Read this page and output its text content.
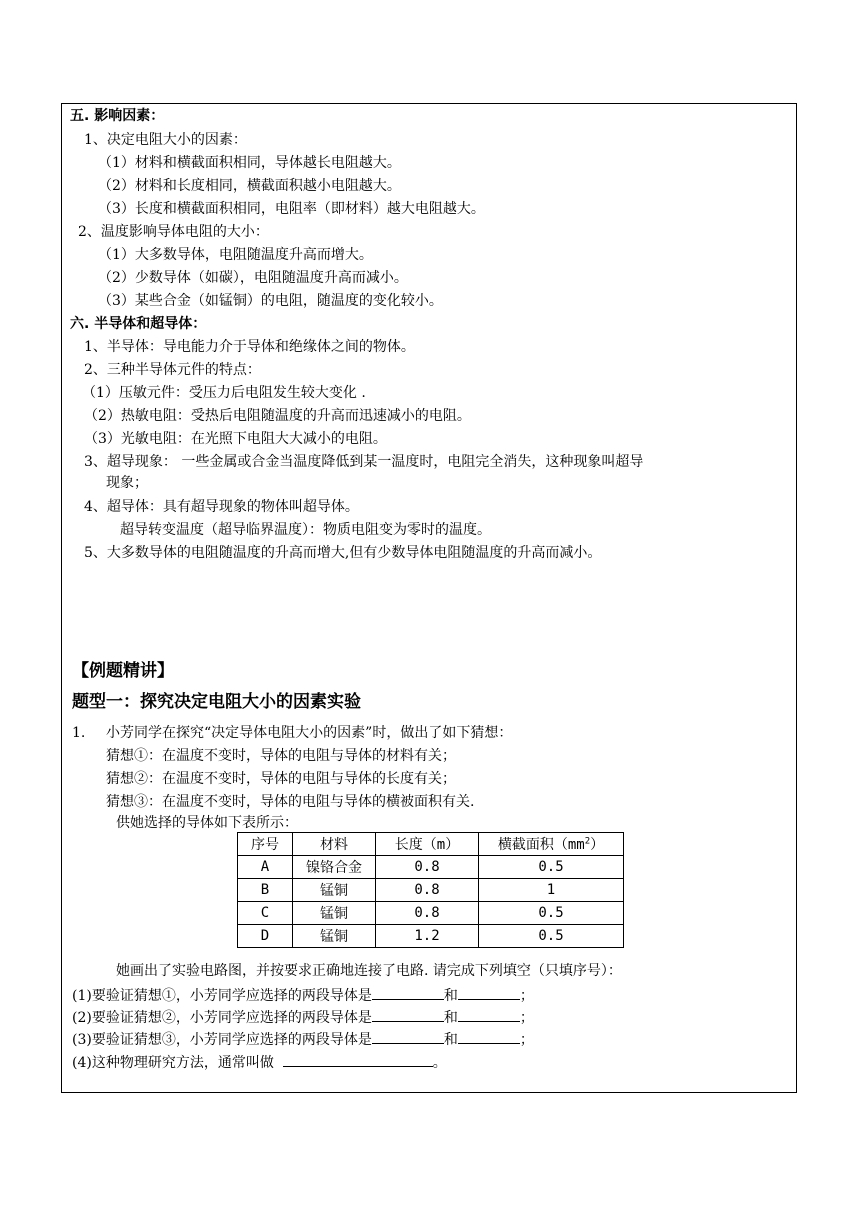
五. 影响因素：
1、决定电阻大小的因素：
（1）材料和横截面积相同，导体越长电阻越大。
（2）材料和长度相同，横截面积越小电阻越大。
（3）长度和横截面积相同，电阻率（即材料）越大电阻越大。
2、温度影响导体电阻的大小：
（1）大多数导体，电阻随温度升高而增大。
（2）少数导体（如碳），电阻随温度升高而减小。
（3）某些合金（如锰铜）的电阻，随温度的变化较小。
六. 半导体和超导体：
1、半导体：导电能力介于导体和绝缘体之间的物体。
2、三种半导体元件的特点：
（1）压敏元件：受压力后电阻发生较大变化 .
（2）热敏电阻：受热后电阻随温度的升高而迅速减小的电阻。
（3）光敏电阻：在光照下电阻大大减小的电阻。
3、超导现象： 一些金属或合金当温度降低到某一温度时，电阻完全消失，这种现象叫超导
现象；
4、超导体：具有超导现象的物体叫超导体。
超导转变温度（超导临界温度）：物质电阻变为零时的温度。
5、大多数导体的电阻随温度的升高而增大,但有少数导体电阻随温度的升高而减小。
【例题精讲】
题型一：探究决定电阻大小的因素实验
1. 小芳同学在探究“决定导体电阻大小的因素”时，做出了如下猜想：
猜想①：在温度不变时，导体的电阻与导体的材料有关；
猜想②：在温度不变时，导体的电阻与导体的长度有关；
猜想③：在温度不变时，导体的电阻与导体的横被面积有关.
供她选择的导体如下表所示：
序号	材料	长度（m）	横截面积$(mm^2)$
A	镍铬合金	0.8	0.5
B	锰铜	0.8	1
C	锰铜	0.8	0.5
D	锰铜	1.2	0.5
她画出了实验电路图，并按要求正确地连接了电路. 请完成下列填空（只填序号）：
(1)要验证猜想①，小芳同学应选择的两段导体是	和	；
(2)要验证猜想②，小芳同学应选择的两段导体是	和	；
(3)要验证猜想③，小芳同学应选择的两段导体是	和	；
(4)这种物理研究方法，通常叫做	。
